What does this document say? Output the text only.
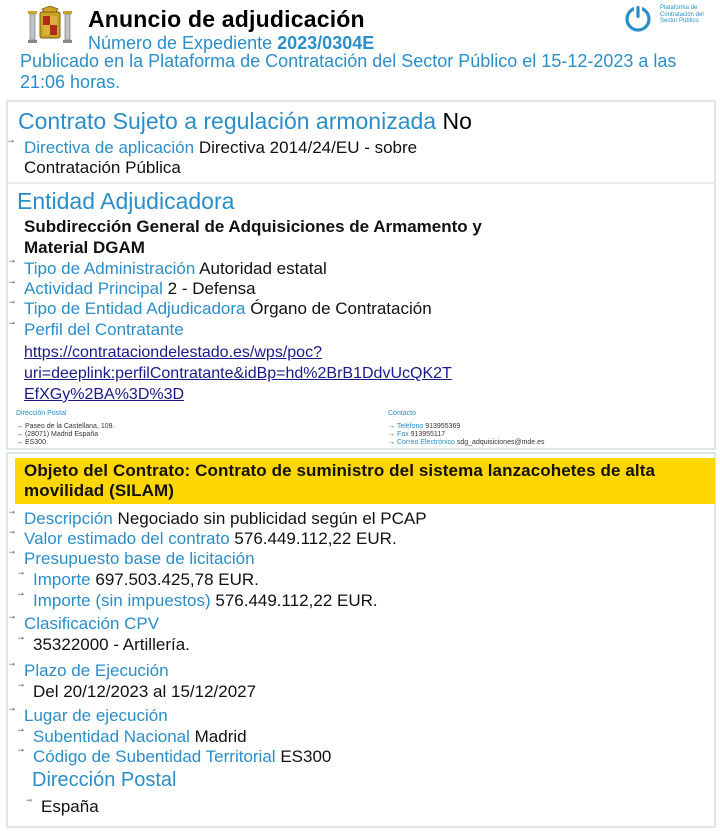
Anuncio de adjudicación
Número de Expediente 2023/0304E
Publicado en la Plataforma de Contratación del Sector Público el 15-12-2023 a las 21:06 horas.
Plataforma de Contratación del Sector Público
Contrato Sujeto a regulación armonizada No
Directiva de aplicación Directiva 2014/24/EU - sobre
Contratación Pública
Entidad Adjudicadora
Subdirección General de Adquisiciones de Armamento y
Material DGAM
Tipo de Administración Autoridad estatal
Actividad Principal 2 - Defensa
Tipo de Entidad Adjudicadora Órgano de Contratación
Perfil del Contratante
https://contrataciondelestado.es/wps/poc?
uri=deeplink:perfilContratante&idBp=hd%2BrB1DdvUcQK2T
EfXGy%2BA%3D%3D
Dirección Postal
→ Paseo de la Castellana, 109.
→ (28071) Madrid España
→ ES300
Contacto
→ Teléfono 913955369
→ Fax 913955117
→ Correo Electrónico sdg_adquisiciones@mde.es
Objeto del Contrato: Contrato de suministro del sistema lanzacohetes de alta movilidad (SILAM)
Descripción Negociado sin publicidad según el PCAP
Valor estimado del contrato 576.449.112,22 EUR.
Presupuesto base de licitación
Importe 697.503.425,78 EUR.
Importe (sin impuestos) 576.449.112,22 EUR.
Clasificación CPV
35322000 - Artillería.
Plazo de Ejecución
Del 20/12/2023 al 15/12/2027
Lugar de ejecución
Subentidad Nacional Madrid
Código de Subentidad Territorial ES300
Dirección Postal
España
